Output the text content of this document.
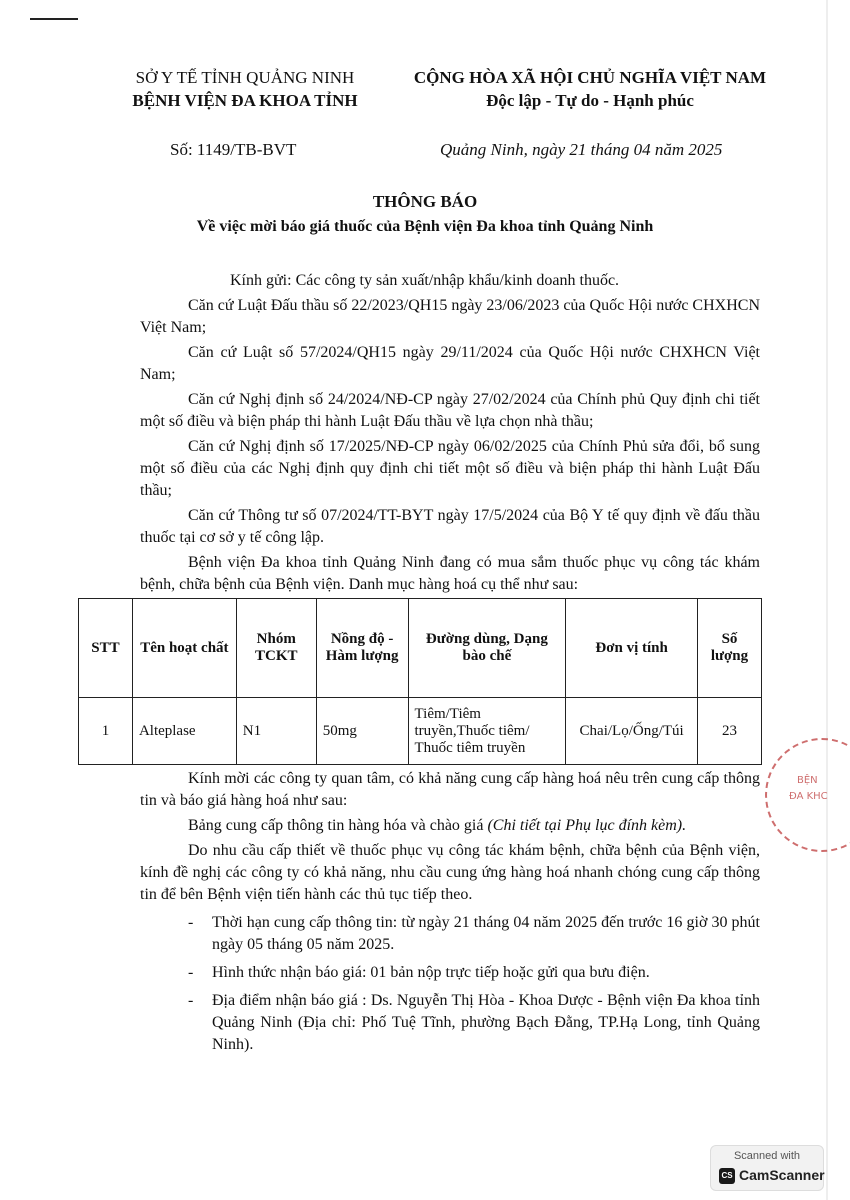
SỞ Y TẾ TỈNH QUẢNG NINH
BỆNH VIỆN ĐA KHOA TỈNH
CỘNG HÒA XÃ HỘI CHỦ NGHĨA VIỆT NAM
Độc lập - Tự do - Hạnh phúc
Số: 1149/TB-BVT	Quảng Ninh, ngày 21 tháng 04 năm 2025
THÔNG BÁO
Về việc mời báo giá thuốc của Bệnh viện Đa khoa tỉnh Quảng Ninh

Kính gửi: Các công ty sản xuất/nhập khẩu/kinh doanh thuốc.

Căn cứ Luật Đấu thầu số 22/2023/QH15 ngày 23/06/2023 của Quốc Hội nước CHXHCN Việt Nam;

Căn cứ Luật số 57/2024/QH15 ngày 29/11/2024 của Quốc Hội nước CHXHCN Việt Nam;

Căn cứ Nghị định số 24/2024/NĐ-CP ngày 27/02/2024 của Chính phủ Quy định chi tiết một số điều và biện pháp thi hành Luật Đấu thầu về lựa chọn nhà thầu;

Căn cứ Nghị định số 17/2025/NĐ-CP ngày 06/02/2025 của Chính Phủ sửa đổi, bổ sung một số điều của các Nghị định quy định chi tiết một số điều và biện pháp thi hành Luật Đấu thầu;

Căn cứ Thông tư số 07/2024/TT-BYT ngày 17/5/2024 của Bộ Y tế quy định về đấu thầu thuốc tại cơ sở y tế công lập.

Bệnh viện Đa khoa tỉnh Quảng Ninh đang có mua sắm thuốc phục vụ công tác khám bệnh, chữa bệnh của Bệnh viện. Danh mục hàng hoá cụ thể như sau:

STT	Tên hoạt chất	Nhóm TCKT	Nồng độ - Hàm lượng	Đường dùng, Dạng bào chế	Đơn vị tính	Số lượng
1	Alteplase	N1	50mg	Tiêm/Tiêm truyền,Thuốc tiêm/ Thuốc tiêm truyền	Chai/Lọ/Ống/Túi	23

Kính mời các công ty quan tâm, có khả năng cung cấp hàng hoá nêu trên cung cấp thông tin và báo giá hàng hoá như sau:

Bảng cung cấp thông tin hàng hóa và chào giá (Chi tiết tại Phụ lục đính kèm).

Do nhu cầu cấp thiết về thuốc phục vụ công tác khám bệnh, chữa bệnh của Bệnh viện, kính đề nghị các công ty có khả năng, nhu cầu cung ứng hàng hoá nhanh chóng cung cấp thông tin để bên Bệnh viện tiến hành các thủ tục tiếp theo.

- Thời hạn cung cấp thông tin: từ ngày 21 tháng 04 năm 2025 đến trước 16 giờ 30 phút ngày 05 tháng 05 năm 2025.
- Hình thức nhận báo giá: 01 bản nộp trực tiếp hoặc gửi qua bưu điện.
- Địa điểm nhận báo giá : Ds. Nguyễn Thị Hòa - Khoa Dược - Bệnh viện Đa khoa tỉnh Quảng Ninh (Địa chỉ: Phố Tuệ Tĩnh, phường Bạch Đằng, TP.Hạ Long, tỉnh Quảng Ninh).
BỆN
ĐA KHC
Scanned with
CS CamScanner
